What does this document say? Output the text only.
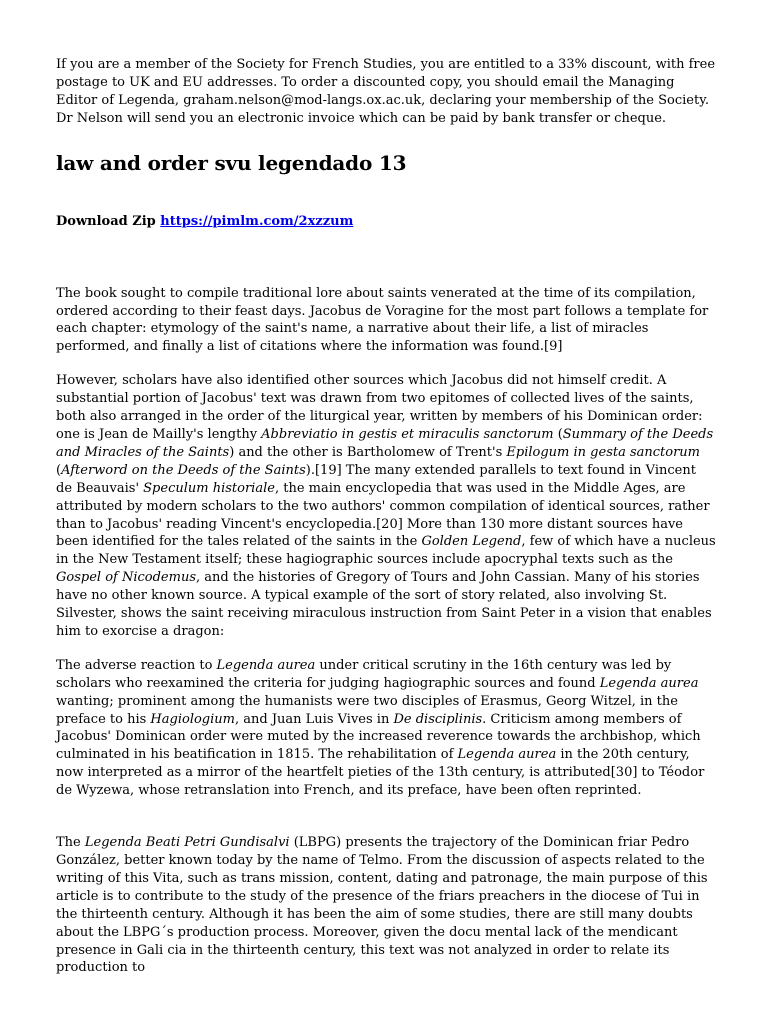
If you are a member of the Society for French Studies, you are entitled to a 33% discount, with free postage to UK and EU addresses. To order a discounted copy, you should email the Managing Editor of Legenda, graham.nelson@mod-langs.ox.ac.uk, declaring your membership of the Society. Dr Nelson will send you an electronic invoice which can be paid by bank transfer or cheque.

law and order svu legendado 13
Download Zip https://pimlm.com/2xzzum

The book sought to compile traditional lore about saints venerated at the time of its compilation, ordered according to their feast days. Jacobus de Voragine for the most part follows a template for each chapter: etymology of the saint's name, a narrative about their life, a list of miracles performed, and finally a list of citations where the information was found.[9]

However, scholars have also identified other sources which Jacobus did not himself credit. A substantial portion of Jacobus' text was drawn from two epitomes of collected lives of the saints, both also arranged in the order of the liturgical year, written by members of his Dominican order: one is Jean de Mailly's lengthy Abbreviatio in gestis et miraculis sanctorum (Summary of the Deeds and Miracles of the Saints) and the other is Bartholomew of Trent's Epilogum in gesta sanctorum (Afterword on the Deeds of the Saints).[19] The many extended parallels to text found in Vincent de Beauvais' Speculum historiale, the main encyclopedia that was used in the Middle Ages, are attributed by modern scholars to the two authors' common compilation of identical sources, rather than to Jacobus' reading Vincent's encyclopedia.[20] More than 130 more distant sources have been identified for the tales related of the saints in the Golden Legend, few of which have a nucleus in the New Testament itself; these hagiographic sources include apocryphal texts such as the Gospel of Nicodemus, and the histories of Gregory of Tours and John Cassian. Many of his stories have no other known source. A typical example of the sort of story related, also involving St. Silvester, shows the saint receiving miraculous instruction from Saint Peter in a vision that enables him to exorcise a dragon:

The adverse reaction to Legenda aurea under critical scrutiny in the 16th century was led by scholars who reexamined the criteria for judging hagiographic sources and found Legenda aurea wanting; prominent among the humanists were two disciples of Erasmus, Georg Witzel, in the preface to his Hagiologium, and Juan Luis Vives in De disciplinis. Criticism among members of Jacobus' Dominican order were muted by the increased reverence towards the archbishop, which culminated in his beatification in 1815. The rehabilitation of Legenda aurea in the 20th century, now interpreted as a mirror of the heartfelt pieties of the 13th century, is attributed[30] to Téodor de Wyzewa, whose retranslation into French, and its preface, have been often reprinted.

The Legenda Beati Petri Gundisalvi (LBPG) presents the trajectory of the Dominican friar Pedro González, better known today by the name of Telmo. From the discussion of aspects related to the writing of this Vita, such as trans mission, content, dating and patronage, the main purpose of this article is to contribute to the study of the presence of the friars preachers in the diocese of Tui in the thirteenth century. Although it has been the aim of some studies, there are still many doubts about the LBPG´s production process. Moreover, given the docu mental lack of the mendicant presence in Gali cia in the thirteenth century, this text was not analyzed in order to relate its production to
